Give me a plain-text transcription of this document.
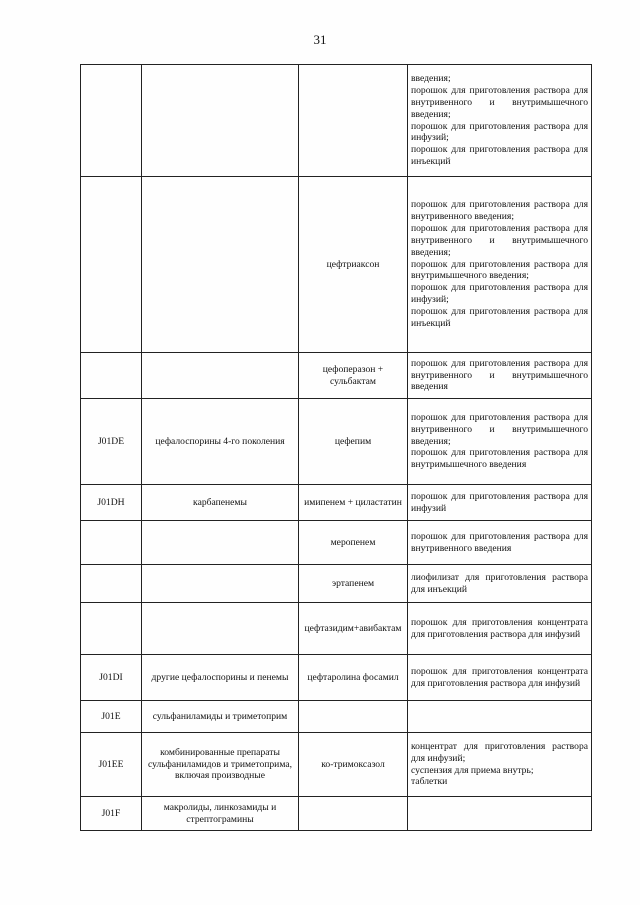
31

			введения;
порошок для приготовления раствора для внутривенного и внутримышечного введения;
порошок для приготовления раствора для инфузий;
порошок для приготовления раствора для инъекций

		цефтриаксон	порошок для приготовления раствора для внутривенного введения;
порошок для приготовления раствора для внутривенного и внутримышечного введения;
порошок для приготовления раствора для внутримышечного введения;
порошок для приготовления раствора для инфузий;
порошок для приготовления раствора для инъекций

		цефоперазон + сульбактам	порошок для приготовления раствора для внутривенного и внутримышечного введения

J01DE	цефалоспорины 4-го поколения	цефепим	порошок для приготовления раствора для внутривенного и внутримышечного введения;
порошок для приготовления раствора для внутримышечного введения

J01DH	карбапенемы	имипенем + циластатин	порошок для приготовления раствора для инфузий

		меропенем	порошок для приготовления раствора для внутривенного введения

		эртапенем	лиофилизат для приготовления раствора для инъекций

		цефтазидим+авибактам	порошок для приготовления концентрата для приготовления раствора для инфузий

J01DI	другие цефалоспорины и пенемы	цефтаролина фосамил	порошок для приготовления концентрата для приготовления раствора для инфузий

J01E	сульфаниламиды и триметоприм		
J01EE	комбинированные препараты сульфаниламидов и триметоприма, включая производные	ко-тримоксазол	концентрат для приготовления раствора для инфузий;
суспензия для приема внутрь;
таблетки

J01F	макролиды, линкозамиды и стрептограмины		
